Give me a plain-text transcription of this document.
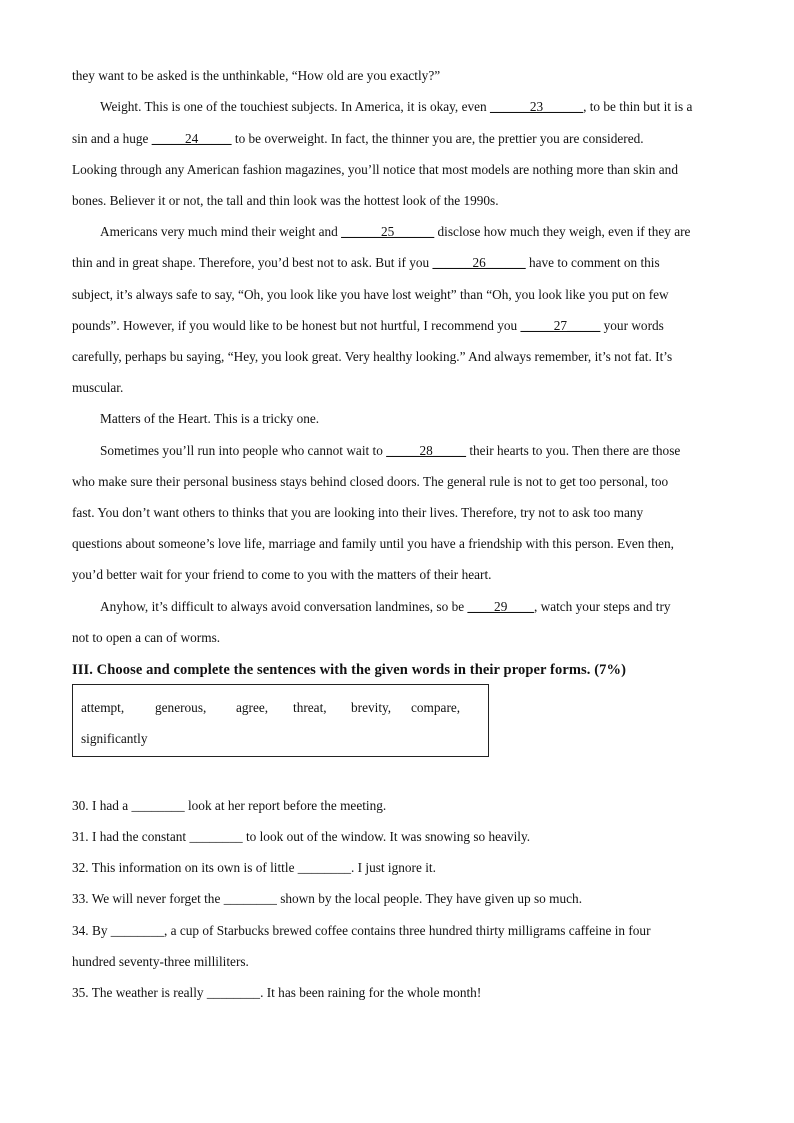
they want to be asked is the unthinkable, “How old are you exactly?”
Weight. This is one of the touchiest subjects. In America, it is okay, even ______23______, to be thin but it is a
sin and a huge _____24_____ to be overweight. In fact, the thinner you are, the prettier you are considered.
Looking through any American fashion magazines, you’ll notice that most models are nothing more than skin and
bones. Believer it or not, the tall and thin look was the hottest look of the 1990s.
Americans very much mind their weight and ______25______ disclose how much they weigh, even if they are
thin and in great shape. Therefore, you’d best not to ask. But if you ______26______ have to comment on this
subject, it’s always safe to say, “Oh, you look like you have lost weight” than “Oh, you look like you put on few
pounds”. However, if you would like to be honest but not hurtful, I recommend you _____27_____ your words
carefully, perhaps bu saying, “Hey, you look great. Very healthy looking.” And always remember, it’s not fat. It’s
muscular.
Matters of the Heart. This is a tricky one.
Sometimes you’ll run into people who cannot wait to _____28_____ their hearts to you. Then there are those
who make sure their personal business stays behind closed doors. The general rule is not to get too personal, too
fast. You don’t want others to thinks that you are looking into their lives. Therefore, try not to ask too many
questions about someone’s love life, marriage and family until you have a friendship with this person. Even then,
you’d better wait for your friend to come to you with the matters of their heart.
Anyhow, it’s difficult to always avoid conversation landmines, so be ____29____, watch your steps and try
not to open a can of worms.
III. Choose and complete the sentences with the given words in their proper forms. (7%)
attempt, generous, agree, threat, brevity, compare,
significantly
30. I had a ________ look at her report before the meeting.
31. I had the constant ________ to look out of the window. It was snowing so heavily.
32. This information on its own is of little ________. I just ignore it.
33. We will never forget the ________ shown by the local people. They have given up so much.
34. By ________, a cup of Starbucks brewed coffee contains three hundred thirty milligrams caffeine in four
hundred seventy-three milliliters.
35. The weather is really ________. It has been raining for the whole month!
